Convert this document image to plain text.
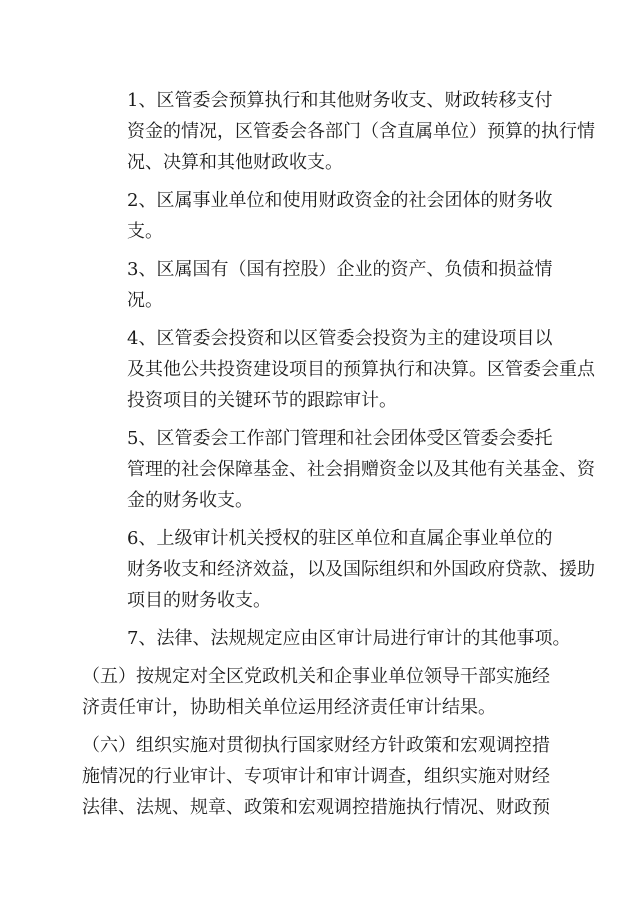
1、区管委会预算执行和其他财务收支、财政转移支付
资金的情况，区管委会各部门（含直属单位）预算的执行情
况、决算和其他财政收支。
2、区属事业单位和使用财政资金的社会团体的财务收
支。
3、区属国有（国有控股）企业的资产、负债和损益情
况。
4、区管委会投资和以区管委会投资为主的建设项目以
及其他公共投资建设项目的预算执行和决算。区管委会重点
投资项目的关键环节的跟踪审计。
5、区管委会工作部门管理和社会团体受区管委会委托
管理的社会保障基金、社会捐赠资金以及其他有关基金、资
金的财务收支。
6、上级审计机关授权的驻区单位和直属企事业单位的
财务收支和经济效益，以及国际组织和外国政府贷款、援助
项目的财务收支。
7、法律、法规规定应由区审计局进行审计的其他事项。
（五）按规定对全区党政机关和企事业单位领导干部实施经
济责任审计，协助相关单位运用经济责任审计结果。
（六）组织实施对贯彻执行国家财经方针政策和宏观调控措
施情况的行业审计、专项审计和审计调查，组织实施对财经
法律、法规、规章、政策和宏观调控措施执行情况、财政预
